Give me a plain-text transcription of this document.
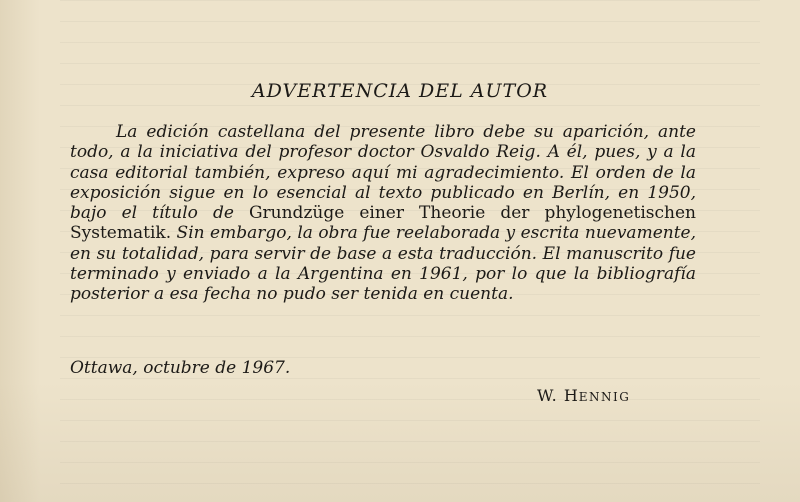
ADVERTENCIA DEL AUTOR
La edición castellana del presente libro debe su aparición, ante todo, a la iniciativa del profesor doctor Osvaldo Reig. A él, pues, y a la casa editorial también, expreso aquí mi agradecimiento. El orden de la exposición sigue en lo esencial al texto publicado en Berlín, en 1950, bajo el título de Grundzüge einer Theorie der phylogenetischen Systematik. Sin embargo, la obra fue reelaborada y escrita nuevamente, en su totalidad, para servir de base a esta traducción. El manuscrito fue terminado y enviado a la Argentina en 1961, por lo que la bibliografía posterior a esa fecha no pudo ser tenida en cuenta.
Ottawa, octubre de 1967.
W. HENNIG
